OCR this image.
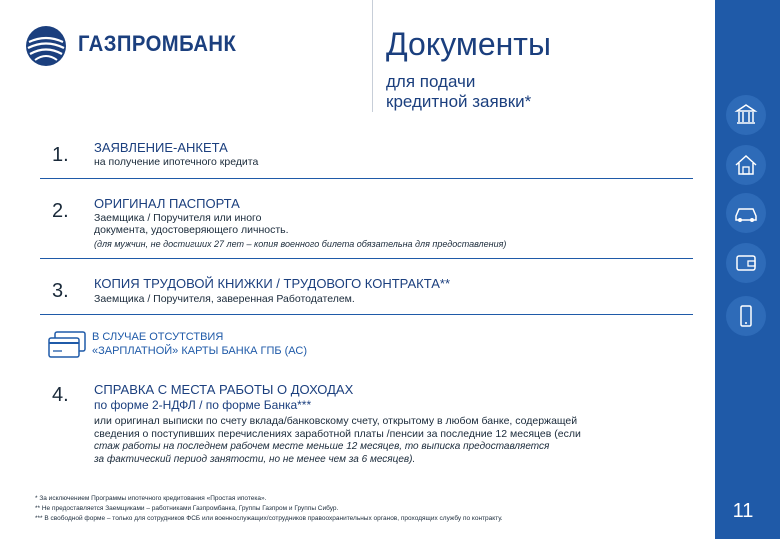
ГАЗПРОМБАНК	Документы
для подачи
кредитной заявки*
1. ЗАЯВЛЕНИЕ-АНКЕТА
на получение ипотечного кредита
2. ОРИГИНАЛ ПАСПОРТА
Заемщика / Поручителя или иного
документа, удостоверяющего личность.
(для мужчин, не достигших 27 лет – копия военного билета обязательна для предоставления)
3. КОПИЯ ТРУДОВОЙ КНИЖКИ / ТРУДОВОГО КОНТРАКТА**
Заемщика / Поручителя, заверенная Работодателем.
В СЛУЧАЕ ОТСУТСТВИЯ
«ЗАРПЛАТНОЙ» КАРТЫ БАНКА ГПБ (АС)
4. СПРАВКА С МЕСТА РАБОТЫ О ДОХОДАХ
по форме 2-НДФЛ / по форме Банка***
или оригинал выписки по счету вклада/банковскому счету, открытому в любом банке, содержащей
сведения о поступивших перечислениях заработной платы /пенсии за последние 12 месяцев (если
стаж работы на последнем рабочем месте меньше 12 месяцев, то выписка предоставляется
за фактический период занятости, но не менее чем за 6 месяцев).
* За исключением Программы ипотечного кредитования «Простая ипотека».
** Не предоставляется Заемщиками – работниками Газпромбанка, Группы Газпром и Группы Сибур.
*** В свободной форме – только для сотрудников ФСБ или военнослужащих/сотрудников правоохранительных органов, проходящих службу по контракту.	11
